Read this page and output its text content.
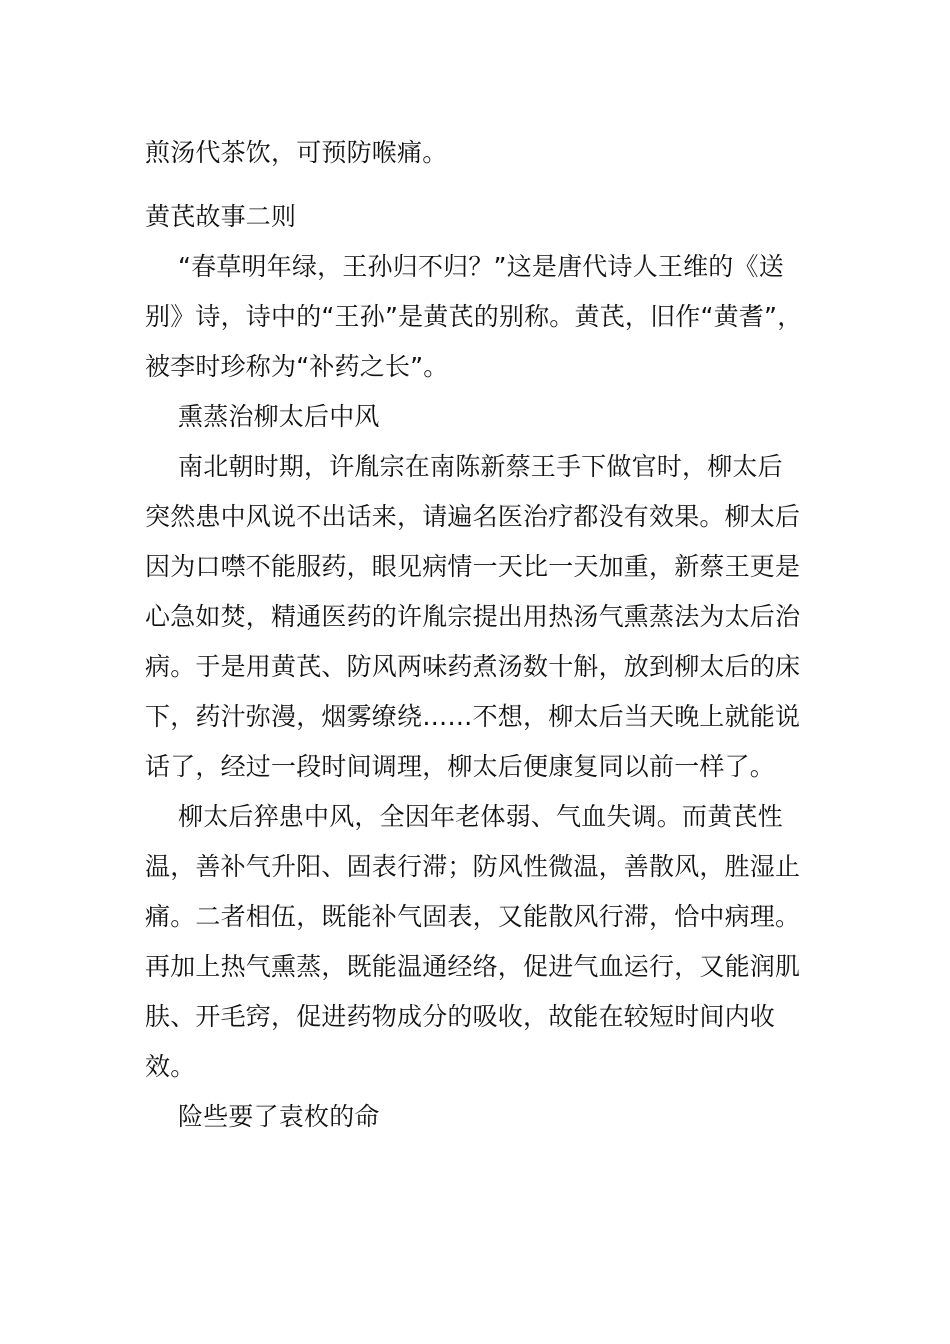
煎汤代茶饮，可预防喉痛。

黄芪故事二则

“春草明年绿，王孙归不归？”这是唐代诗人王维的《送别》诗，诗中的“王孙”是黄芪的别称。黄芪，旧作“黄耆”，被李时珍称为“补药之长”。

熏蒸治柳太后中风

南北朝时期，许胤宗在南陈新蔡王手下做官时，柳太后突然患中风说不出话来，请遍名医治疗都没有效果。柳太后因为口噤不能服药，眼见病情一天比一天加重，新蔡王更是心急如焚，精通医药的许胤宗提出用热汤气熏蒸法为太后治病。于是用黄芪、防风两味药煮汤数十斛，放到柳太后的床下，药汁弥漫，烟雾缭绕……不想，柳太后当天晚上就能说话了，经过一段时间调理，柳太后便康复同以前一样了。

柳太后猝患中风，全因年老体弱、气血失调。而黄芪性温，善补气升阳、固表行滞；防风性微温，善散风，胜湿止痛。二者相伍，既能补气固表，又能散风行滞，恰中病理。再加上热气熏蒸，既能温通经络，促进气血运行，又能润肌肤、开毛窍，促进药物成分的吸收，故能在较短时间内收效。

险些要了袁枚的命
